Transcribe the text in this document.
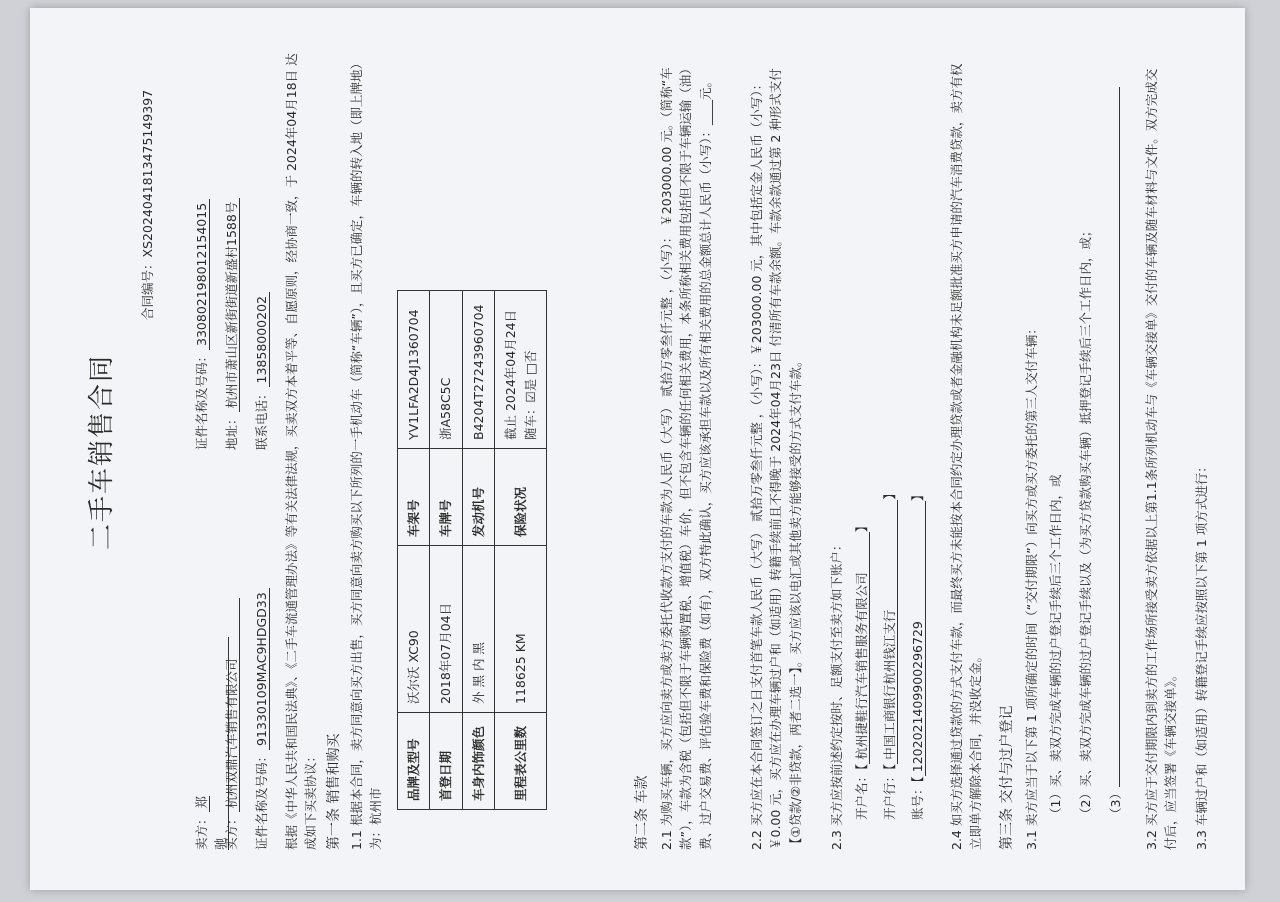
二手车销售合同
合同编号：XS202404181347514939​7
卖方：郑驰
证件名称及号码：330802198012154015
买方：杭州双鼎汽车销售有限公司
地址：杭州市萧山区新街街道新盛村1588号
证件名称及号码：91330109MAC9HDGD33
联系电话：13858000202 根据《中华人民共和国民法典》、《二手车流通管理办法》等有关法律法规，买卖双方本着平等、自愿原则，经协商一致，于 2024年04月18日 达成如下买卖协议： 第一条 销售和购买 1.1 根据本合同，卖方同意向买方出售，买方同意向卖方购买以下所列的一手机动车（简称“车辆”），且买方已确定，车辆的转入地（即上牌地）为：杭州市
品牌及型号	沃尔沃 XC90	车架号	YV1LFA2D4J1360704
首登日期	2018年07月04日	车牌号	浙A58C5C
车身内饰颜色	外 黑 内 黑	发动机号	B4204T27243960704
里程表公里数	118625 KM	保险状况	截止 2024年04月24日 随车：☑是 □否
第二条 车款 2.1 为购买车辆，买方应向卖方或卖方委托代收款方支付的车款为人民币（大写） 贰拾万零叁仟元整 ，（小写）： ￥203000.00 元。（简称“车款”），车款为含税（包括但不限于车辆购置税、增值税）车价，但不包含车辆的任何相关费用，本条所称相关费用包括但不限于车辆运输（油）费、过户交易费、评估验车费和保险费（如有），双方特此确认，买方应该承担车款以及所有相关费用的总金额总计人民币（小写）：____元。	2.2 买方应在本合同签订之日支付首笔车款人民币（大写） 贰拾万零叁仟元整 ，（小写）：￥203000.00 元，其中包括定金人民币（小写）：￥0.00 元，买方应在办理车辆过户和（如适用）转籍手续前且不得晚于 2024年04月23日 付清所有车款余额。车款余款通过第 2 种形式支付【①贷款/②非贷款，两者二选一】。买方应该以电汇或其他卖方能够接受的方式支付车款。 2.3 买方应按前述约定按时、足额支付至卖方如下账户： 开户名：【杭州捷鞋行汽车销售服务有限公司】
开户行：【中国工商银行杭州钱江支行】
账号：【1202021409900296729】 2.4 如买方选择通过贷款的方式支付车款，而最终买方未能按本合同约定办理贷款或者金融机构未足额批准买方申请的汽车消费贷款，卖方有权立即单方解除本合同，并没收定金。 第三条 交付与过户登记 3.1 卖方应当于以下第 1 项所确定的时间（“交付期限”）向买方或买方委托的第三人交付车辆： （1）买、卖双方完成车辆的过户登记手续后三个工作日内，或 （2）买、卖双方完成车辆的过户登记手续以及（为买方贷款购买车辆）抵押登记手续后三个工作日内，或； （3） 3.2 买方应于交付期限内到卖方的工作场所接受卖方依据以上第1.1条所列机动车与《车辆交接单》交付的车辆及随车材料与文件。双方完成交付后，应当签署《车辆交接单》。 3.3 车辆过户和（如适用）转籍登记手续应按照以下第 1 项方式进行：
